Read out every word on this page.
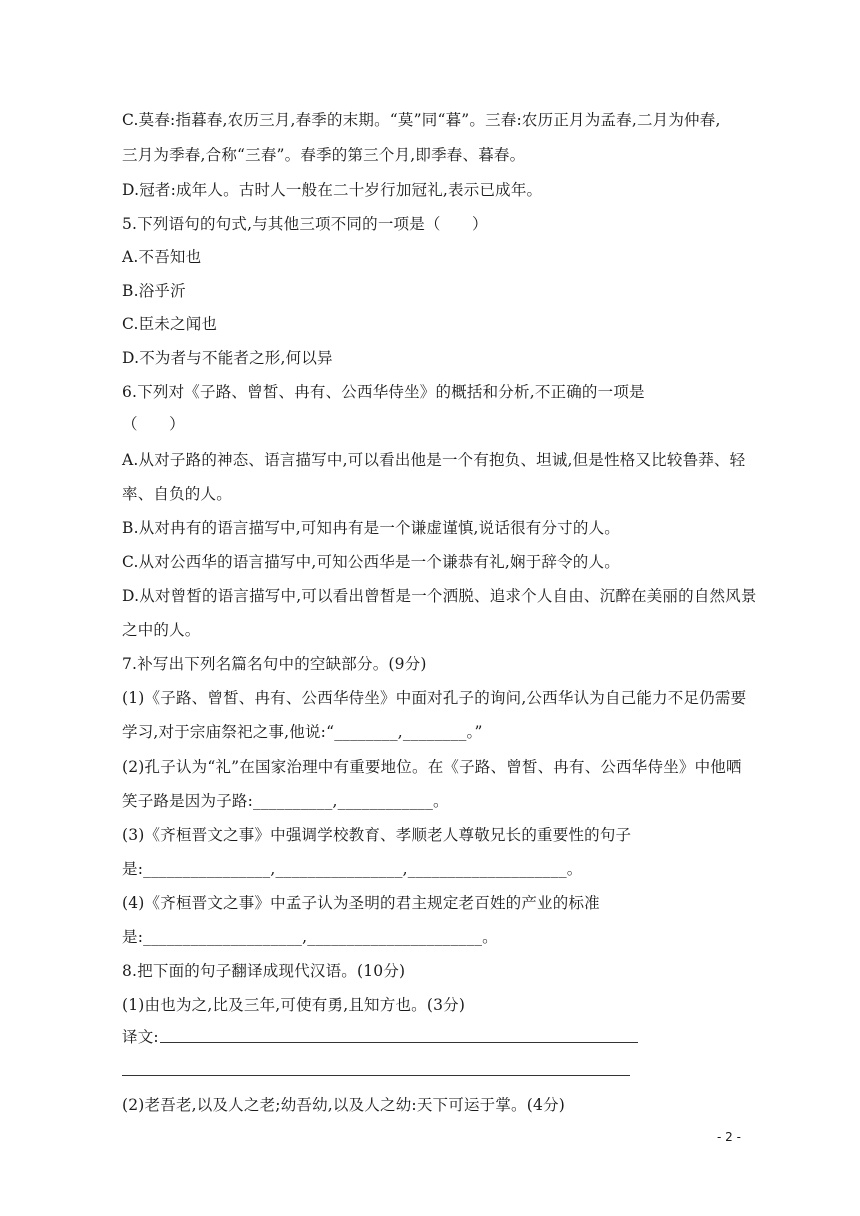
C.莫春:指暮春,农历三月,春季的末期。“莫”同“暮”。三春:农历正月为孟春,二月为仲春,
三月为季春,合称“三春”。春季的第三个月,即季春、暮春。
D.冠者:成年人。古时人一般在二十岁行加冠礼,表示已成年。
5.下列语句的句式,与其他三项不同的一项是（　　）
A.不吾知也
B.浴乎沂
C.臣未之闻也
D.不为者与不能者之形,何以异
6.下列对《子路、曾皙、冉有、公西华侍坐》的概括和分析,不正确的一项是
（　　）
A.从对子路的神态、语言描写中,可以看出他是一个有抱负、坦诚,但是性格又比较鲁莽、轻
率、自负的人。
B.从对冉有的语言描写中,可知冉有是一个谦虚谨慎,说话很有分寸的人。
C.从对公西华的语言描写中,可知公西华是一个谦恭有礼,娴于辞令的人。
D.从对曾皙的语言描写中,可以看出曾皙是一个洒脱、追求个人自由、沉醉在美丽的自然风景
之中的人。
7.补写出下列名篇名句中的空缺部分。(9分)
(1)《子路、曾皙、冉有、公西华侍坐》中面对孔子的询问,公西华认为自己能力不足仍需要
学习,对于宗庙祭祀之事,他说:“________,________。”
(2)孔子认为“礼”在国家治理中有重要地位。在《子路、曾皙、冉有、公西华侍坐》中他哂
笑子路是因为子路:__________,____________。
(3)《齐桓晋文之事》中强调学校教育、孝顺老人尊敬兄长的重要性的句子
是:________________,________________,____________________。
(4)《齐桓晋文之事》中孟子认为圣明的君主规定老百姓的产业的标准
是:____________________,______________________。
8.把下面的句子翻译成现代汉语。(10分)
(1)由也为之,比及三年,可使有勇,且知方也。(3分)
译文:
(2)老吾老,以及人之老;幼吾幼,以及人之幼:天下可运于掌。(4分)
- 2 -
